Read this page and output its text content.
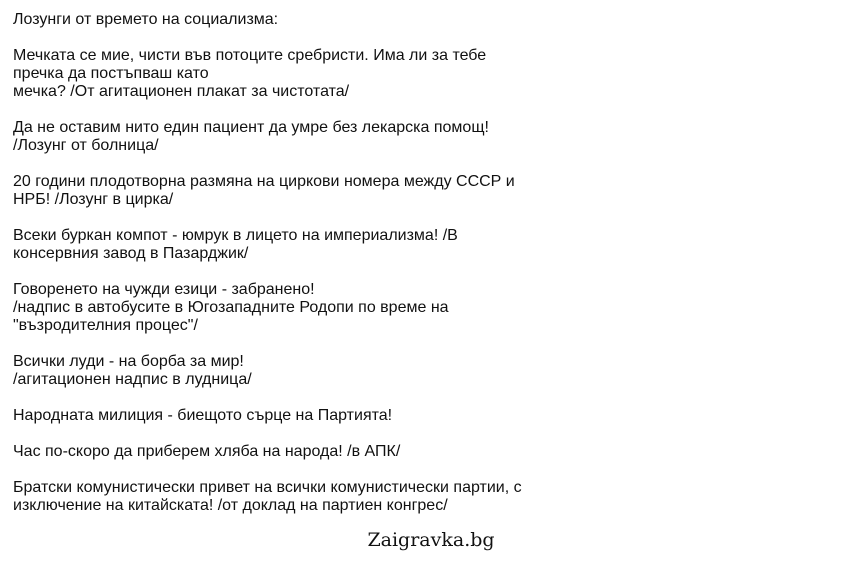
Лозунги от времето на социализма:
Мечката се мие, чисти във потоците сребристи. Има ли за тебе
пречка да постъпваш като
мечка? /От агитационен плакат за чистотата/
Да не оставим нито един пациент да умре без лекарска помощ!
/Лозунг от болница/
20 години плодотворна размяна на циркови номера между СССР и
НРБ! /Лозунг в цирка/
Всеки буркан компот - юмрук в лицето на империализма! /В
консервния завод в Пазарджик/
Говоренето на чужди езици - забранено!
/надпис в автобусите в Югозападните Родопи по време на
"възродителния процес"/
Всички луди - на борба за мир!
/агитационен надпис в лудница/
Народната милиция - биещото сърце на Партията!
Час по-скоро да приберем хляба на народа! /в АПК/
Братски комунистически привет на всички комунистически партии, с
изключение на китайската! /от доклад на партиен конгрес/
Zaigravka.bg
